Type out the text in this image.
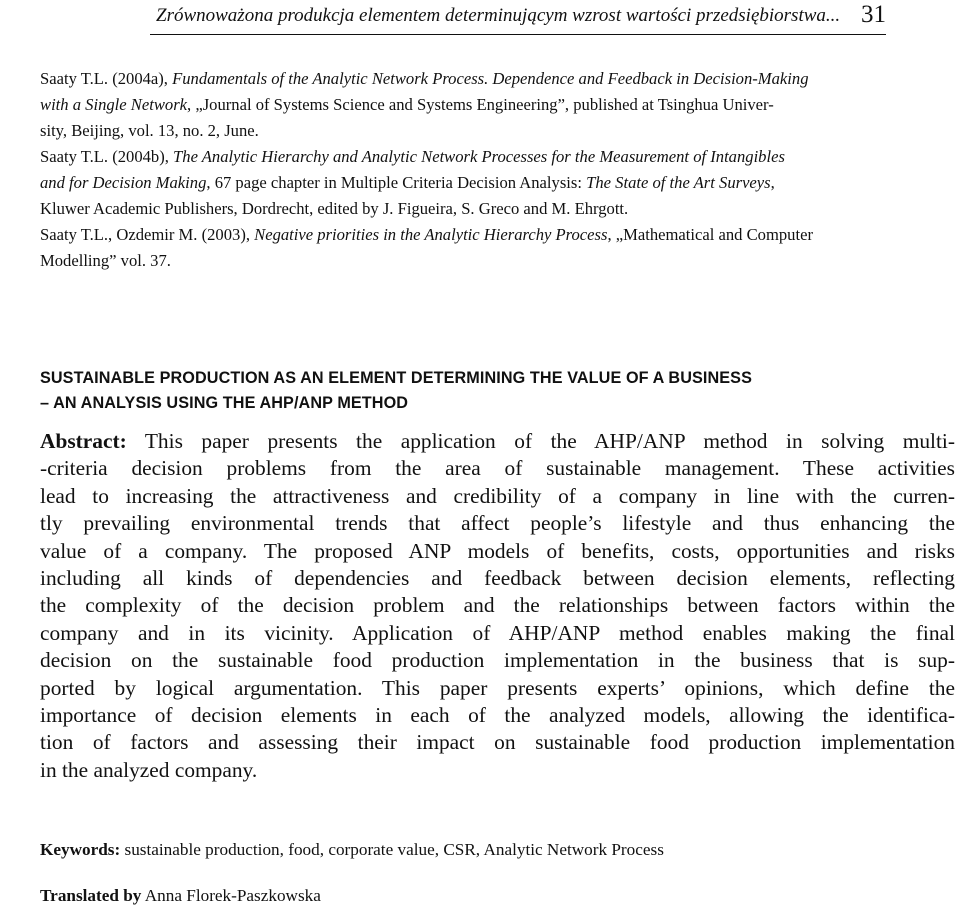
Zrównoważona produkcja elementem determinującym wzrost wartości przedsiębiorstwa... 31
Saaty T.L. (2004a), Fundamentals of the Analytic Network Process. Dependence and Feedback in Decision-Making
with a Single Network, „Journal of Systems Science and Systems Engineering”, published at Tsinghua Univer-
sity, Beijing, vol. 13, no. 2, June.
Saaty T.L. (2004b), The Analytic Hierarchy and Analytic Network Processes for the Measurement of Intangibles
and for Decision Making, 67 page chapter in Multiple Criteria Decision Analysis: The State of the Art Surveys,
Kluwer Academic Publishers, Dordrecht, edited by J. Figueira, S. Greco and M. Ehrgott.
Saaty T.L., Ozdemir M. (2003), Negative priorities in the Analytic Hierarchy Process, „Mathematical and Computer
Modelling” vol. 37.
SUSTAINABLE PRODUCTION AS AN ELEMENT DETERMINING THE VALUE OF A BUSINESS
– AN ANALYSIS USING THE AHP/ANP METHOD

Abstract: This paper presents the application of the AHP/ANP method in solving multi-
-criteria decision problems from the area of sustainable management. These activities
lead to increasing the attractiveness and credibility of a company in line with the curren-
tly prevailing environmental trends that affect people’s lifestyle and thus enhancing the
value of a company. The proposed ANP models of benefits, costs, opportunities and risks
including all kinds of dependencies and feedback between decision elements, reflecting
the complexity of the decision problem and the relationships between factors within the
company and in its vicinity. Application of AHP/ANP method enables making the final
decision on the sustainable food production implementation in the business that is sup-
ported by logical argumentation. This paper presents experts’ opinions, which define the
importance of decision elements in each of the analyzed models, allowing the identifica-
tion of factors and assessing their impact on sustainable food production implementation
in the analyzed company.

Keywords: sustainable production, food, corporate value, CSR, Analytic Network Process

Translated by Anna Florek-Paszkowska
